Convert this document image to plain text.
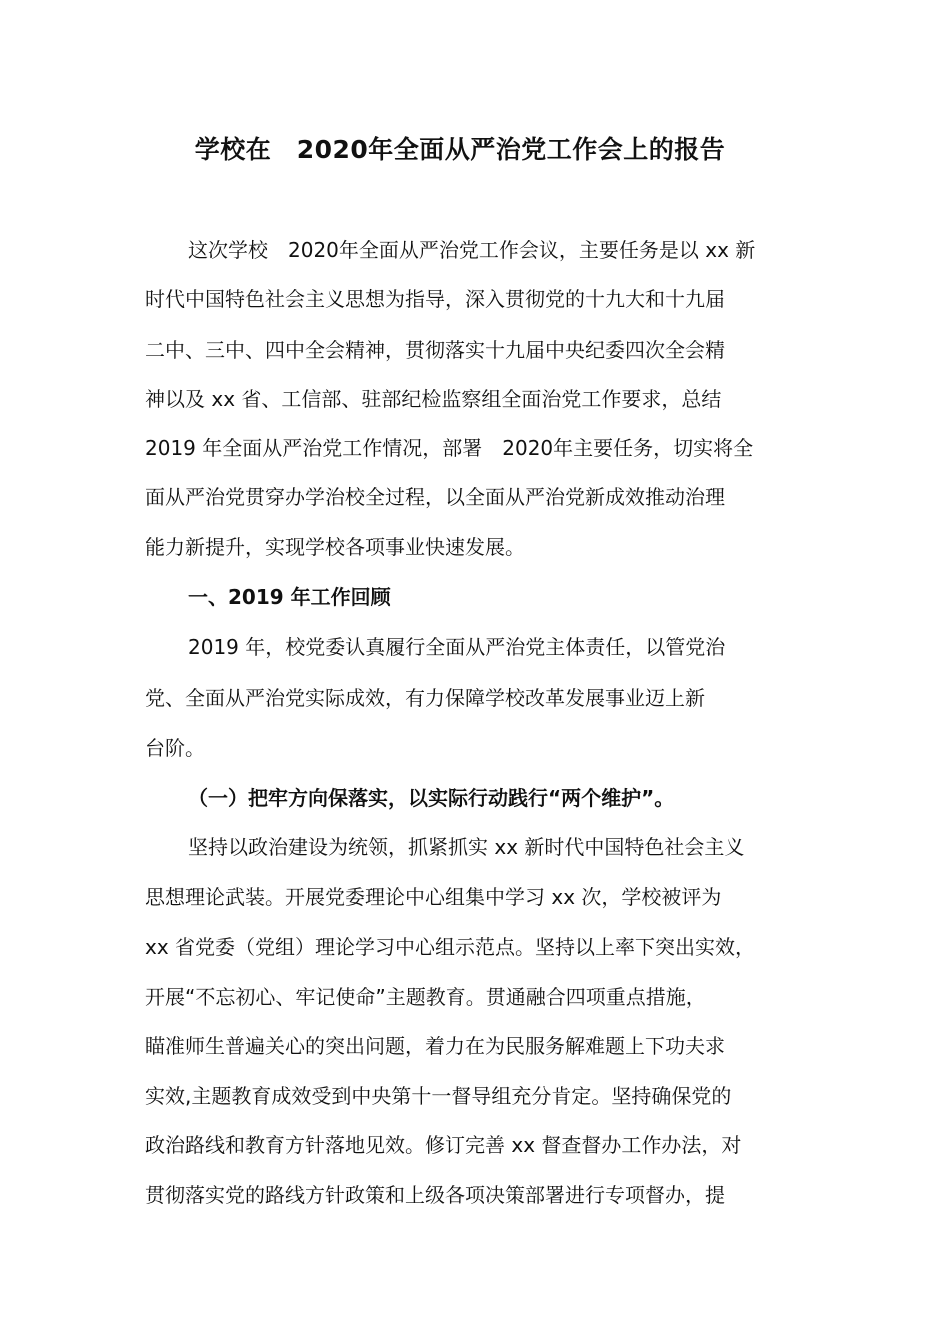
学校在　2020年全面从严治党工作会上的报告
这次学校　2020年全面从严治党工作会议，主要任务是以 xx 新
时代中国特色社会主义思想为指导，深入贯彻党的十九大和十九届
二中、三中、四中全会精神，贯彻落实十九届中央纪委四次全会精
神以及 xx 省、工信部、驻部纪检监察组全面治党工作要求，总结
2019 年全面从严治党工作情况，部署　2020年主要任务，切实将全
面从严治党贯穿办学治校全过程，以全面从严治党新成效推动治理
能力新提升，实现学校各项事业快速发展。
一、2019 年工作回顾
2019 年，校党委认真履行全面从严治党主体责任，以管党治
党、全面从严治党实际成效，有力保障学校改革发展事业迈上新
台阶。
（一）把牢方向保落实，以实际行动践行“两个维护”。
坚持以政治建设为统领，抓紧抓实 xx 新时代中国特色社会主义
思想理论武装。开展党委理论中心组集中学习 xx 次，学校被评为
xx 省党委（党组）理论学习中心组示范点。坚持以上率下突出实效，
开展“不忘初心、牢记使命”主题教育。贯通融合四项重点措施，
瞄准师生普遍关心的突出问题，着力在为民服务解难题上下功夫求
实效,主题教育成效受到中央第十一督导组充分肯定。坚持确保党的
政治路线和教育方针落地见效。修订完善 xx 督查督办工作办法，对
贯彻落实党的路线方针政策和上级各项决策部署进行专项督办，提
